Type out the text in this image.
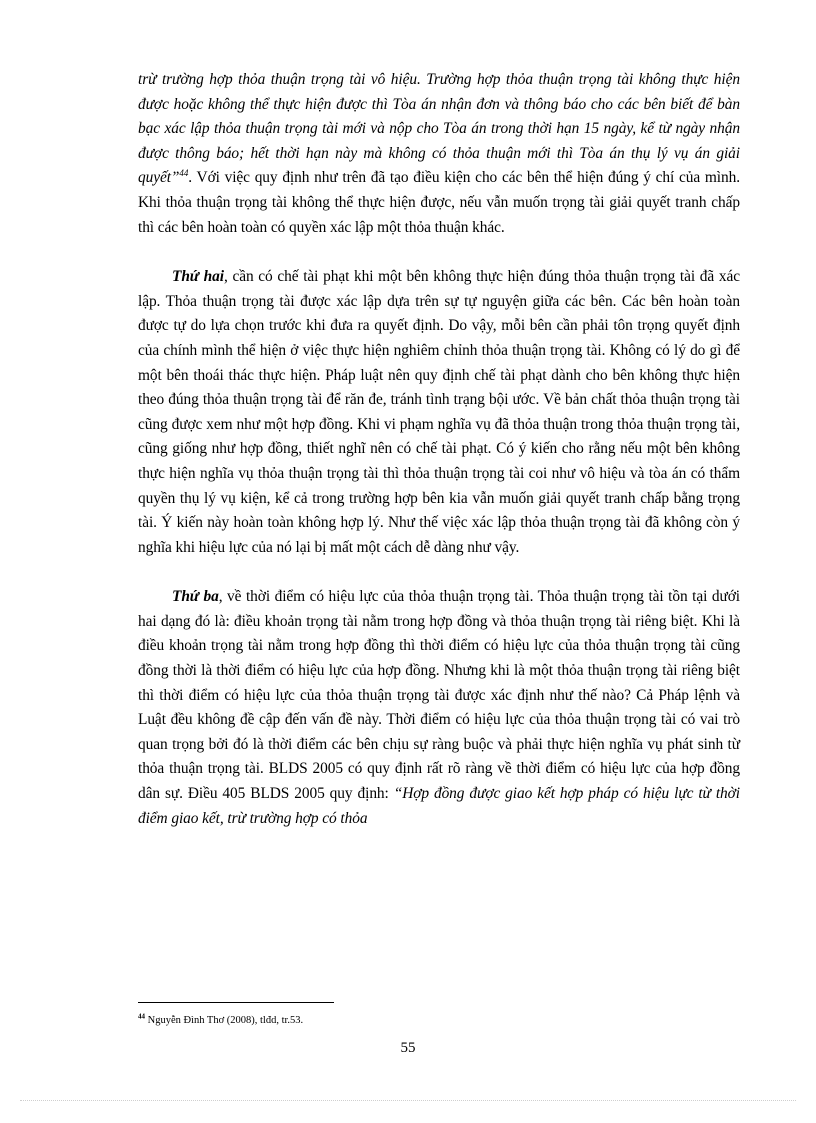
trừ trường hợp thỏa thuận trọng tài vô hiệu. Trường hợp thỏa thuận trọng tài không thực hiện được hoặc không thể thực hiện được thì Tòa án nhận đơn và thông báo cho các bên biết để bàn bạc xác lập thỏa thuận trọng tài mới và nộp cho Tòa án trong thời hạn 15 ngày, kể từ ngày nhận được thông báo; hết thời hạn này mà không có thỏa thuận mới thì Tòa án thụ lý vụ án giải quyết”$^{44}$. Với việc quy định như trên đã tạo điều kiện cho các bên thể hiện đúng ý chí của mình. Khi thỏa thuận trọng tài không thể thực hiện được, nếu vẫn muốn trọng tài giải quyết tranh chấp thì các bên hoàn toàn có quyền xác lập một thỏa thuận khác.

Thứ hai, cần có chế tài phạt khi một bên không thực hiện đúng thỏa thuận trọng tài đã xác lập. Thỏa thuận trọng tài được xác lập dựa trên sự tự nguyện giữa các bên. Các bên hoàn toàn được tự do lựa chọn trước khi đưa ra quyết định. Do vậy, mỗi bên cần phải tôn trọng quyết định của chính mình thể hiện ở việc thực hiện nghiêm chỉnh thỏa thuận trọng tài. Không có lý do gì để một bên thoái thác thực hiện. Pháp luật nên quy định chế tài phạt dành cho bên không thực hiện theo đúng thỏa thuận trọng tài để răn đe, tránh tình trạng bội ước. Về bản chất thỏa thuận trọng tài cũng được xem như một hợp đồng. Khi vi phạm nghĩa vụ đã thỏa thuận trong thỏa thuận trọng tài, cũng giống như hợp đồng, thiết nghĩ nên có chế tài phạt. Có ý kiến cho rằng nếu một bên không thực hiện nghĩa vụ thỏa thuận trọng tài thì thỏa thuận trọng tài coi như vô hiệu và tòa án có thẩm quyền thụ lý vụ kiện, kể cả trong trường hợp bên kia vẫn muốn giải quyết tranh chấp bằng trọng tài. Ý kiến này hoàn toàn không hợp lý. Như thế việc xác lập thỏa thuận trọng tài đã không còn ý nghĩa khi hiệu lực của nó lại bị mất một cách dễ dàng như vậy.

Thứ ba, về thời điểm có hiệu lực của thỏa thuận trọng tài. Thỏa thuận trọng tài tồn tại dưới hai dạng đó là: điều khoản trọng tài nằm trong hợp đồng và thỏa thuận trọng tài riêng biệt. Khi là điều khoản trọng tài nằm trong hợp đồng thì thời điểm có hiệu lực của thỏa thuận trọng tài cũng đồng thời là thời điểm có hiệu lực của hợp đồng. Nhưng khi là một thỏa thuận trọng tài riêng biệt thì thời điểm có hiệu lực của thỏa thuận trọng tài được xác định như thế nào? Cả Pháp lệnh và Luật đều không đề cập đến vấn đề này. Thời điểm có hiệu lực của thỏa thuận trọng tài có vai trò quan trọng bởi đó là thời điểm các bên chịu sự ràng buộc và phải thực hiện nghĩa vụ phát sinh từ thỏa thuận trọng tài. BLDS 2005 có quy định rất rõ ràng về thời điểm có hiệu lực của hợp đồng dân sự. Điều 405 BLDS 2005 quy định: “Hợp đồng được giao kết hợp pháp có hiệu lực từ thời điểm giao kết, trừ trường hợp có thỏa

$^{44}$ Nguyễn Đình Thơ (2008), tlđd, tr.53.
55
